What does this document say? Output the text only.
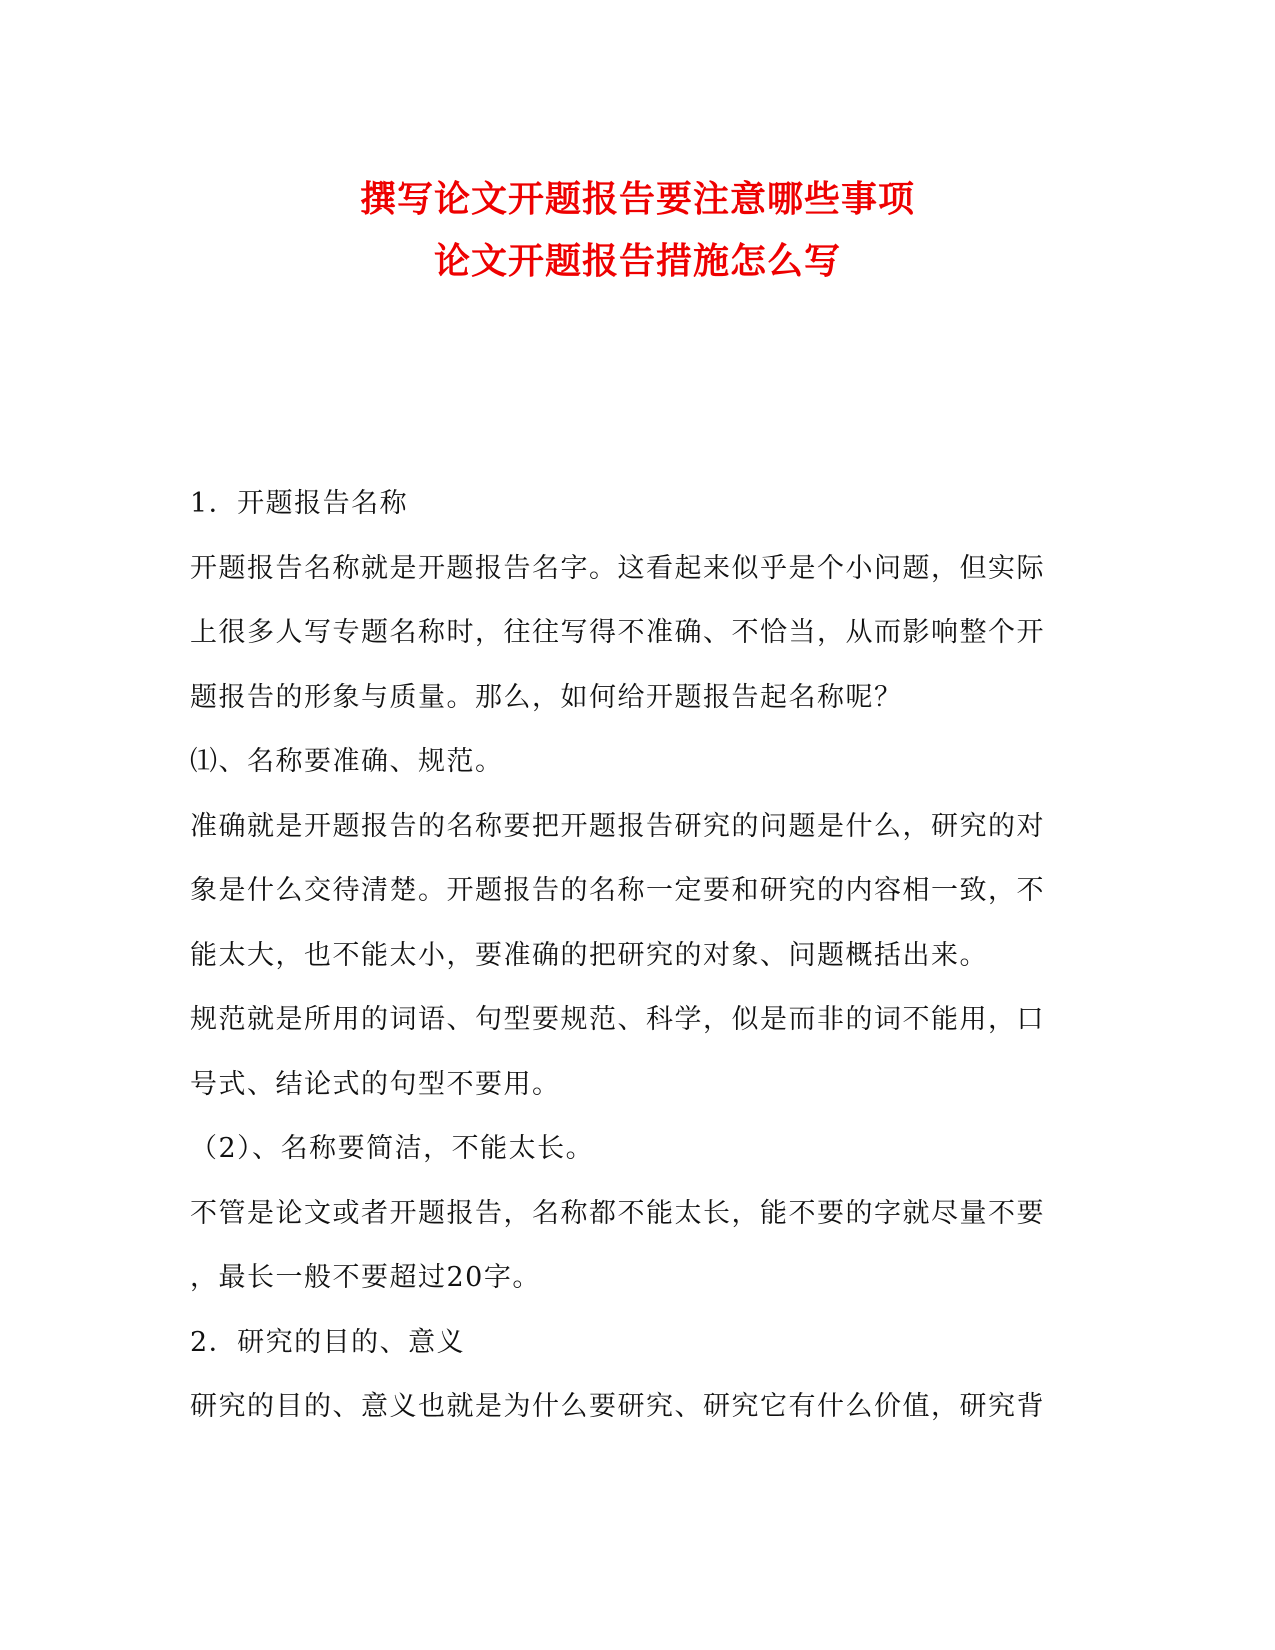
撰写论文开题报告要注意哪些事项
论文开题报告措施怎么写
1．开题报告名称
开题报告名称就是开题报告名字。这看起来似乎是个小问题，但实际
上很多人写专题名称时，往往写得不准确、不恰当，从而影响整个开
题报告的形象与质量。那么，如何给开题报告起名称呢？
⑴、名称要准确、规范。
准确就是开题报告的名称要把开题报告研究的问题是什么，研究的对
象是什么交待清楚。开题报告的名称一定要和研究的内容相一致，不
能太大，也不能太小，要准确的把研究的对象、问题概括出来。
规范就是所用的词语、句型要规范、科学，似是而非的词不能用，口
号式、结论式的句型不要用。
（2）、名称要简洁，不能太长。
不管是论文或者开题报告，名称都不能太长，能不要的字就尽量不要
，最长一般不要超过20字。
2．研究的目的、意义
研究的目的、意义也就是为什么要研究、研究它有什么价值，研究背
